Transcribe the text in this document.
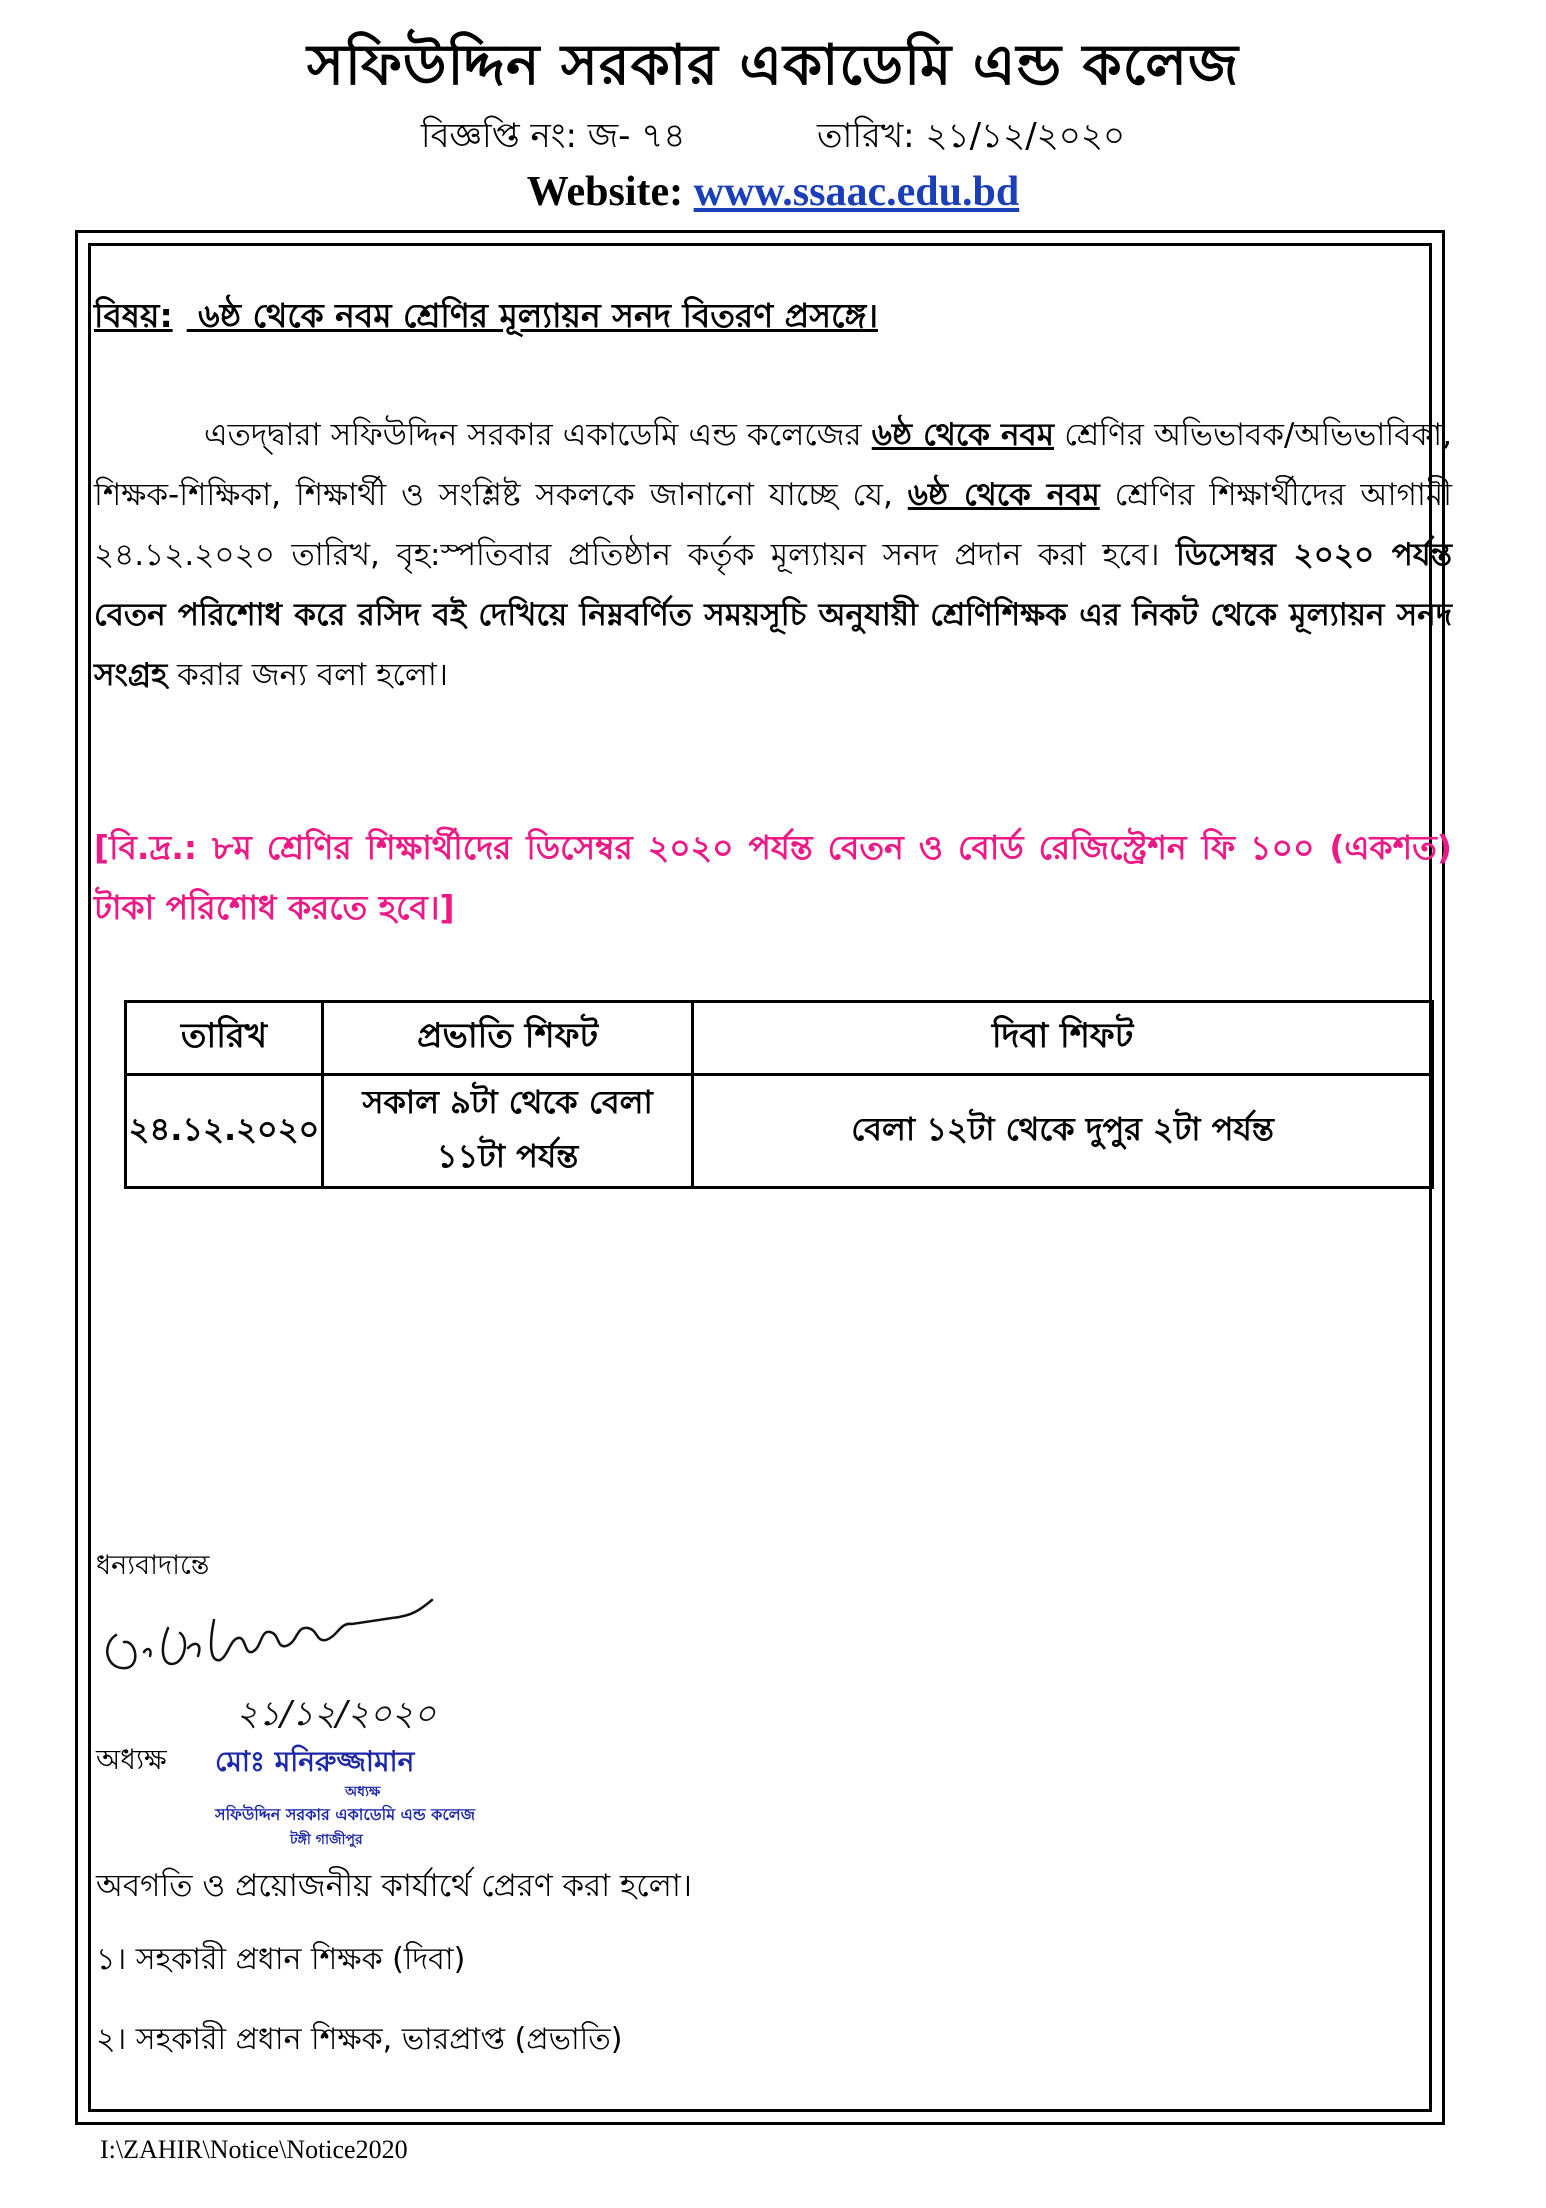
সফিউদ্দিন সরকার একাডেমি এন্ড কলেজ
বিজ্ঞপ্তি নং: জ- ৭৪	তারিখ: ২১/১২/২০২০
Website: www.ssaac.edu.bd
বিষয়: ৬ষ্ঠ থেকে নবম শ্রেণির মূল্যায়ন সনদ বিতরণ প্রসঙ্গে।
এতদ্দ্বারা সফিউদ্দিন সরকার একাডেমি এন্ড কলেজের ৬ষ্ঠ থেকে নবম শ্রেণির অভিভাবক/অভিভাবিকা, শিক্ষক-শিক্ষিকা, শিক্ষার্থী ও সংশ্লিষ্ট সকলকে জানানো যাচ্ছে যে, ৬ষ্ঠ থেকে নবম শ্রেণির শিক্ষার্থীদের আগামী ২৪.১২.২০২০ তারিখ, বৃহ:স্পতিবার প্রতিষ্ঠান কর্তৃক মূল্যায়ন সনদ প্রদান করা হবে। ডিসেম্বর ২০২০ পর্যন্ত বেতন পরিশোধ করে রসিদ বই দেখিয়ে নিম্নবর্ণিত সময়সূচি অনুযায়ী শ্রেণিশিক্ষক এর নিকট থেকে মূল্যায়ন সনদ সংগ্রহ করার জন্য বলা হলো।
[বি.দ্র.: ৮ম শ্রেণির শিক্ষার্থীদের ডিসেম্বর ২০২০ পর্যন্ত বেতন ও বোর্ড রেজিস্ট্রেশন ফি ১০০ (একশত) টাকা পরিশোধ করতে হবে।]
তারিখ	প্রভাতি শিফট	দিবা শিফট
২৪.১২.২০২০	সকাল ৯টা থেকে বেলা ১১টা পর্যন্ত	বেলা ১২টা থেকে দুপুর ২টা পর্যন্ত
ধন্যবাদান্তে
২১/১২/২০২০
অধ্যক্ষ মোঃ মনিরুজ্জামান
অধ্যক্ষ
সফিউদ্দিন সরকার একাডেমি এন্ড কলেজ
টঙ্গী গাজীপুর
অবগতি ও প্রয়োজনীয় কার্যার্থে প্রেরণ করা হলো।
১। সহকারী প্রধান শিক্ষক (দিবা)
২। সহকারী প্রধান শিক্ষক, ভারপ্রাপ্ত (প্রভাতি)
I:\ZAHIR\Notice\Notice2020
